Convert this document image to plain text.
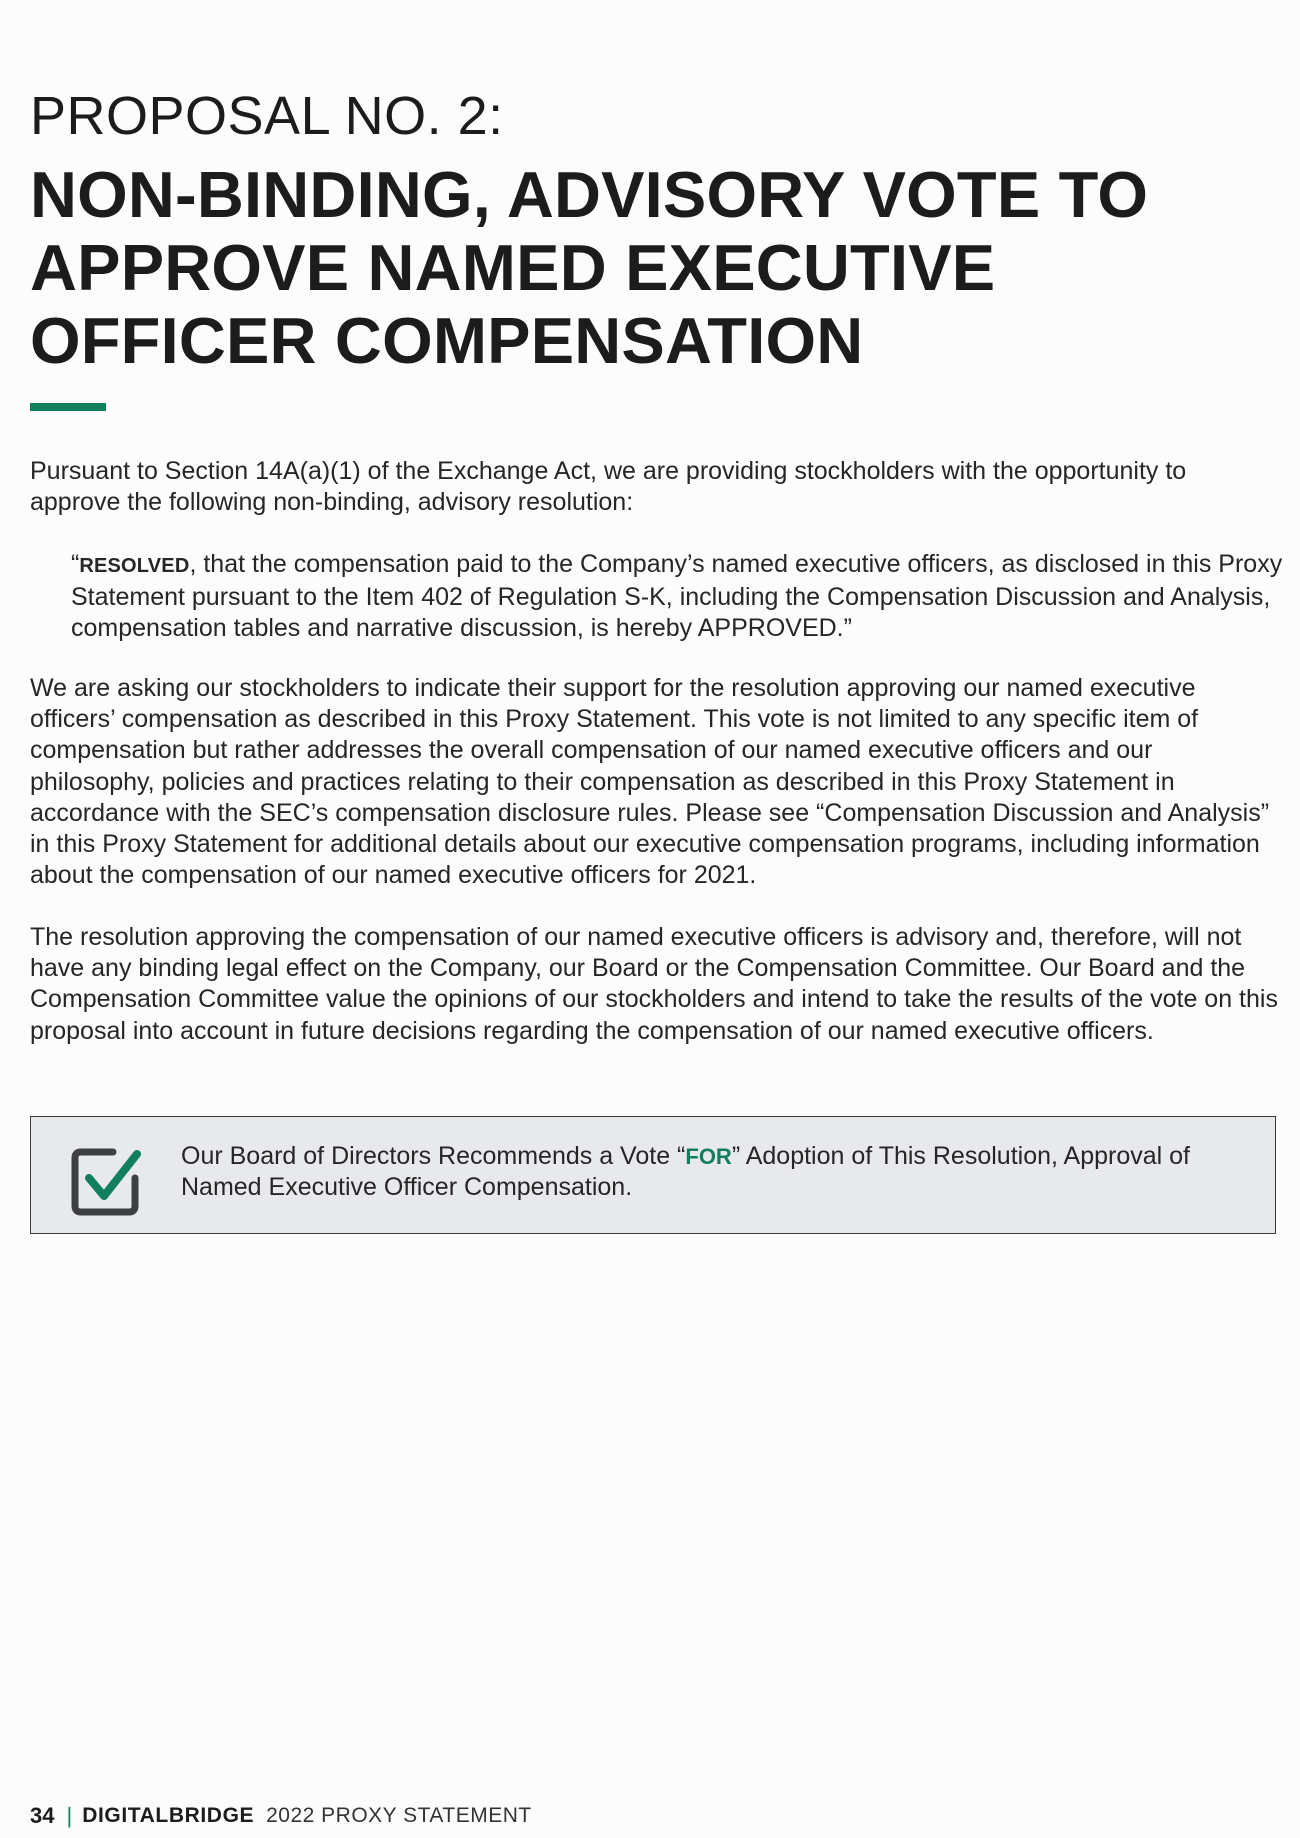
PROPOSAL NO. 2:
NON-BINDING, ADVISORY VOTE TO APPROVE NAMED EXECUTIVE OFFICER COMPENSATION
Pursuant to Section 14A(a)(1) of the Exchange Act, we are providing stockholders with the opportunity to approve the following non-binding, advisory resolution:
“RESOLVED, that the compensation paid to the Company’s named executive officers, as disclosed in this Proxy Statement pursuant to the Item 402 of Regulation S-K, including the Compensation Discussion and Analysis, compensation tables and narrative discussion, is hereby APPROVED.”
We are asking our stockholders to indicate their support for the resolution approving our named executive officers’ compensation as described in this Proxy Statement. This vote is not limited to any specific item of compensation but rather addresses the overall compensation of our named executive officers and our philosophy, policies and practices relating to their compensation as described in this Proxy Statement in accordance with the SEC’s compensation disclosure rules. Please see “Compensation Discussion and Analysis” in this Proxy Statement for additional details about our executive compensation programs, including information about the compensation of our named executive officers for 2021.
The resolution approving the compensation of our named executive officers is advisory and, therefore, will not have any binding legal effect on the Company, our Board or the Compensation Committee. Our Board and the Compensation Committee value the opinions of our stockholders and intend to take the results of the vote on this proposal into account in future decisions regarding the compensation of our named executive officers.
Our Board of Directors Recommends a Vote “FOR” Adoption of This Resolution, Approval of Named Executive Officer Compensation.
34 | DIGITALBRIDGE 2022 PROXY STATEMENT
